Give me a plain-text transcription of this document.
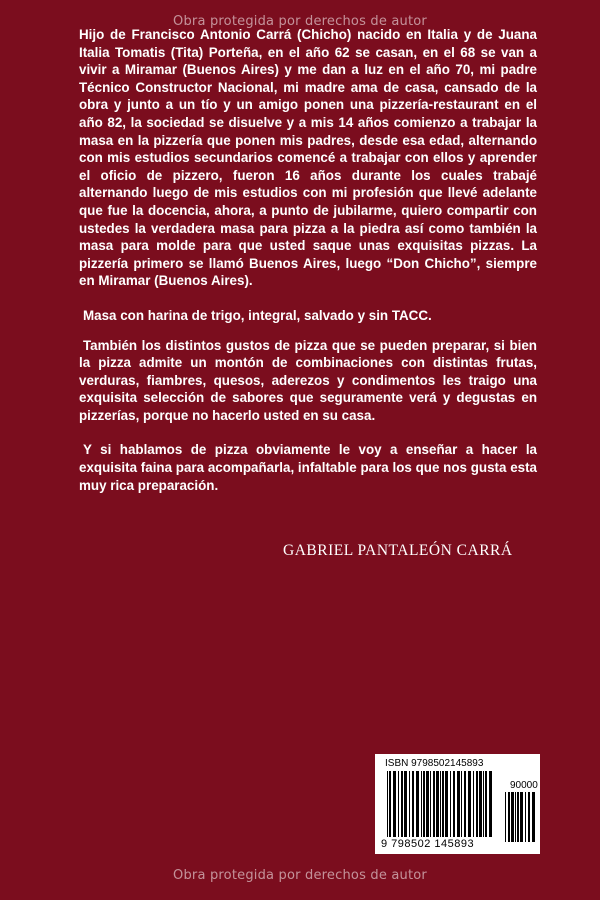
Obra protegida por derechos de autor

Hijo de Francisco Antonio Carrá (Chicho) nacido en Italia y de Juana Italia Tomatis (Tita) Porteña, en el año 62 se casan, en el 68 se van a vivir a Miramar (Buenos Aires) y me dan a luz en el año 70, mi padre Técnico Constructor Nacional, mi madre ama de casa, cansado de la obra y junto a un tío y un amigo ponen una pizzería-restaurant en el año 82, la sociedad se disuelve y a mis 14 años comienzo a trabajar la masa en la pizzería que ponen mis padres, desde esa edad, alternando con mis estudios secundarios comencé a trabajar con ellos y aprender el oficio de pizzero, fueron 16 años durante los cuales trabajé alternando luego de mis estudios con mi profesión que llevé adelante que fue la docencia, ahora, a punto de jubilarme, quiero compartir con ustedes la verdadera masa para pizza a la piedra así como también la masa para molde para que usted saque unas exquisitas pizzas. La pizzería primero se llamó Buenos Aires, luego “Don Chicho”, siempre en Miramar (Buenos Aires).

Masa con harina de trigo, integral, salvado y sin TACC.

También los distintos gustos de pizza que se pueden preparar, si bien la pizza admite un montón de combinaciones con distintas frutas, verduras, fiambres, quesos, aderezos y condimentos les traigo una exquisita selección de sabores que seguramente verá y degustas en pizzerías, porque no hacerlo usted en su casa.

Y si hablamos de pizza obviamente le voy a enseñar a hacer la exquisita faina para acompañarla, infaltable para los que nos gusta esta muy rica preparación.

GABRIEL PANTALEÓN CARRÁ
ISBN 9798502145893
90000
9 798502 145893
Obra protegida por derechos de autor
